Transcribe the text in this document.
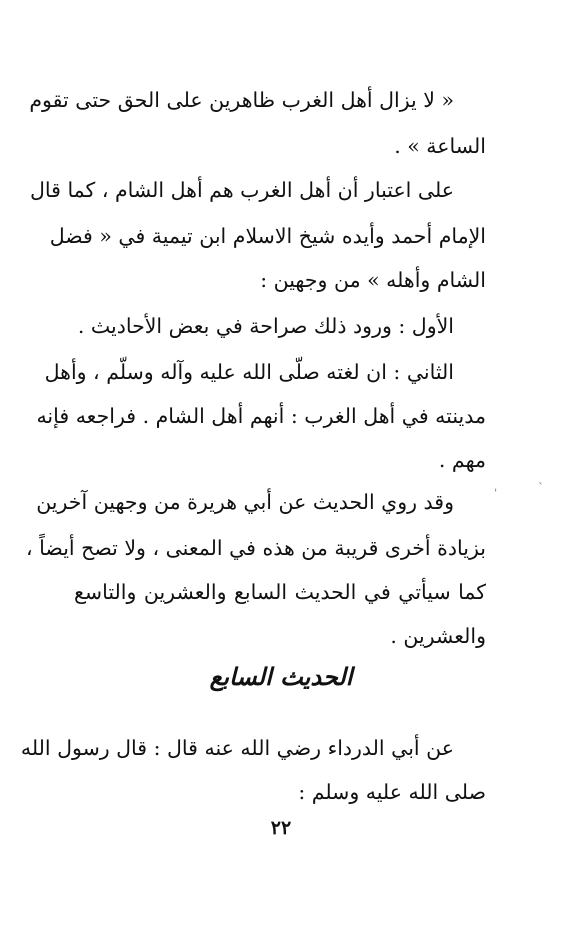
« لا يزال أهل الغرب ظاهرين على الحق حتى تقوم
الساعة » .
على اعتبار أن أهل الغرب هم أهل الشام ، كما قال
الإمام أحمد وأيده شيخ الاسلام ابن تيمية في « فضل
الشام وأهله » من وجهين :
الأول : ورود ذلك صراحة في بعض الأحاديث .
الثاني : ان لغته صلّى الله عليه وآله وسلّم ، وأهل
مدينته في أهل الغرب : أنهم أهل الشام . فراجعه فإنه
مهم .
وقد روي الحديث عن أبي هريرة من وجهين آخرين
بزيادة أخرى قريبة من هذه في المعنى ، ولا تصح أيضاً ،
كما سيأتي في الحديث السابع والعشرين والتاسع
والعشرين .
الحديث السابع
عن أبي الدرداء رضي الله عنه قال : قال رسول الله
صلى الله عليه وسلم :
٢٢
ˈ	ˋ
